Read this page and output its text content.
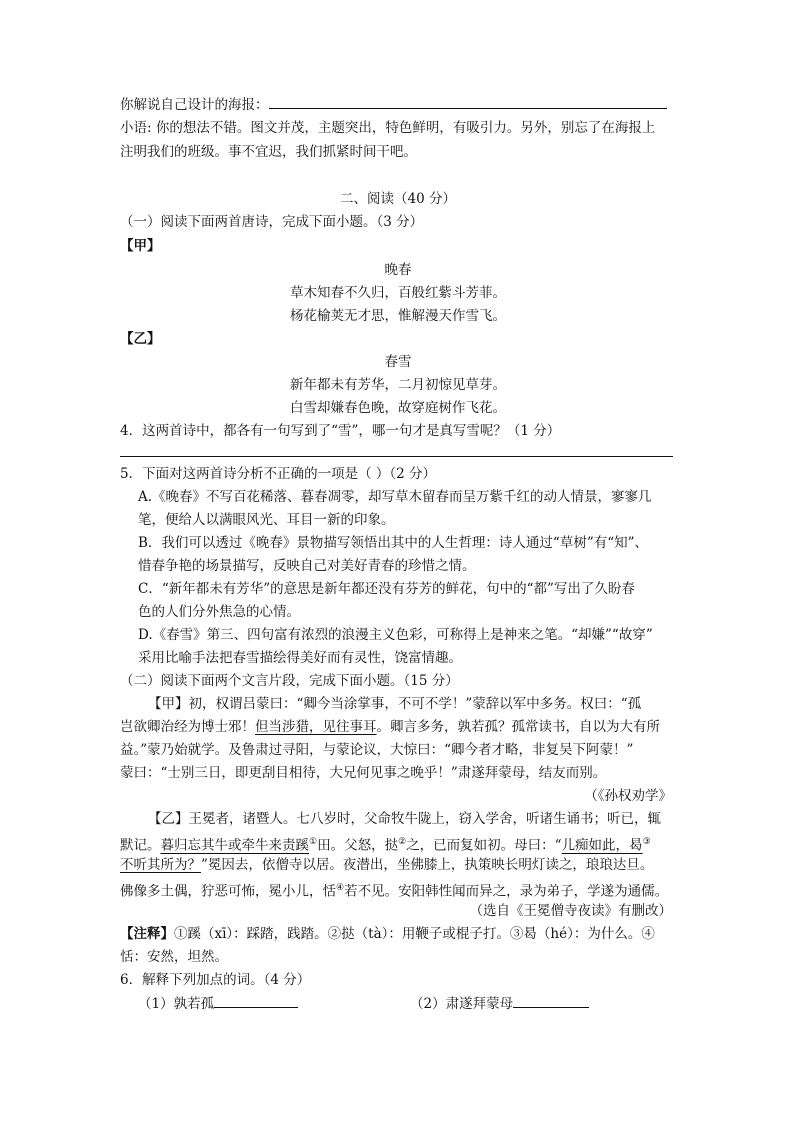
你解说自己设计的海报：
小语: 你的想法不错。图文并茂，主题突出，特色鲜明，有吸引力。另外，别忘了在海报上
注明我们的班级。事不宜迟，我们抓紧时间干吧。
二、阅读（40 分）
（一）阅读下面两首唐诗，完成下面小题。（3 分）
【甲】
晚春
草木知春不久归，百般红紫斗芳菲。
杨花榆荚无才思，惟解漫天作雪飞。
【乙】
春雪
新年都未有芳华，二月初惊见草芽。
白雪却嫌春色晚，故穿庭树作飞花。
4．这两首诗中，都各有一句写到了“雪”，哪一句才是真写雪呢？（1 分）
5．下面对这两首诗分析不正确的一项是（ ）（2 分）
A.《晚春》不写百花稀落、暮春凋零，却写草木留春而呈万紫千红的动人情景，寥寥几
笔，便给人以满眼风光、耳目一新的印象。
B．我们可以透过《晚春》景物描写领悟出其中的人生哲理：诗人通过“草树”有“知”、
惜春争艳的场景描写，反映自己对美好青春的珍惜之情。
C．“新年都未有芳华”的意思是新年都还没有芬芳的鲜花，句中的“都”写出了久盼春
色的人们分外焦急的心情。
D.《春雪》第三、四句富有浓烈的浪漫主义色彩，可称得上是神来之笔。“却嫌”“故穿”
采用比喻手法把春雪描绘得美好而有灵性，饶富情趣。
（二）阅读下面两个文言片段，完成下面小题。（15 分）
【甲】初，权谓吕蒙曰：“卿今当涂掌事，不可不学！”蒙辞以军中多务。权曰：“孤
岂欲卿治经为博士邪！但当涉猎，见往事耳。卿言多务，孰若孤？孤常读书，自以为大有所
益。”蒙乃始就学。及鲁肃过寻阳，与蒙论议，大惊曰：“卿今者才略，非复吴下阿蒙！”
蒙曰：“士别三日，即更刮目相待，大兄何见事之晚乎！”肃遂拜蒙母，结友而别。
（《孙权劝学》
【乙】王冕者，诸暨人。七八岁时，父命牧牛陇上，窃入学舍，听诸生诵书；听已，辄
默记。暮归忘其牛或牵牛来责蹊①田。父怒，挞②之，已而复如初。母曰：“儿痴如此，曷③
不听其所为？”冕因去，依僧寺以居。夜潜出，坐佛膝上，执策映长明灯读之，琅琅达旦。
佛像多土偶，狞恶可怖，冕小儿，恬④若不见。安阳韩性闻而异之，录为弟子，学遂为通儒。
（选自《王冕僧寺夜读》有删改）
【注释】①蹊（xī）：踩踏，践踏。②挞（tà）：用鞭子或棍子打。③曷（hé）：为什么。④
恬：安然，坦然。
6．解释下列加点的词。（4 分）
（1）孰若孤	（2）肃遂拜蒙母
